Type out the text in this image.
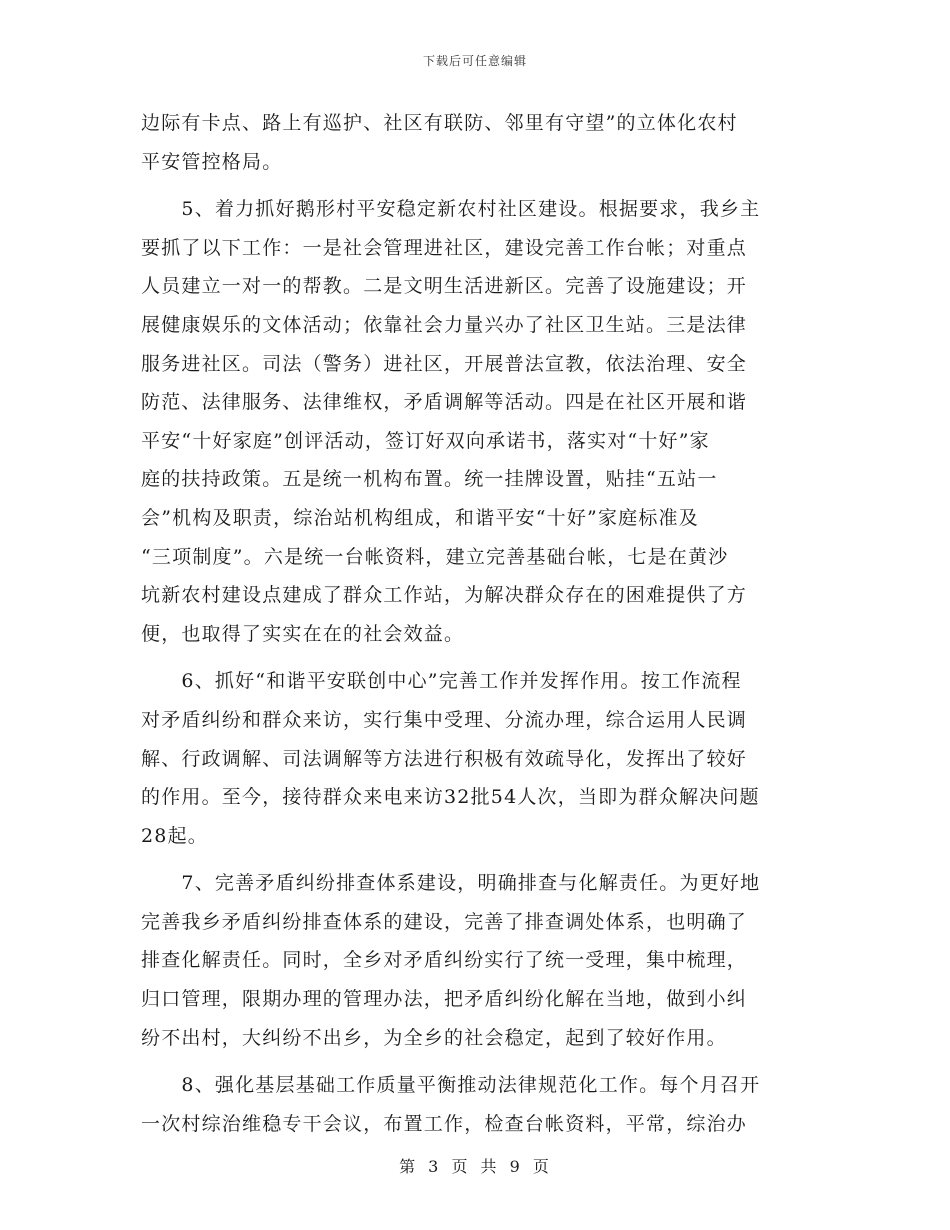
下载后可任意编辑
边际有卡点、路上有巡护、社区有联防、邻里有守望”的立体化农村
平安管控格局。
　　5、着力抓好鹅形村平安稳定新农村社区建设。根据要求，我乡主
要抓了以下工作：一是社会管理进社区，建设完善工作台帐；对重点
人员建立一对一的帮教。二是文明生活进新区。完善了设施建设；开
展健康娱乐的文体活动；依靠社会力量兴办了社区卫生站。三是法律
服务进社区。司法（警务）进社区，开展普法宣教，依法治理、安全
防范、法律服务、法律维权，矛盾调解等活动。四是在社区开展和谐
平安“十好家庭”创评活动，签订好双向承诺书，落实对“十好”家
庭的扶持政策。五是统一机构布置。统一挂牌设置，贴挂“五站一
会”机构及职责，综治站机构组成，和谐平安“十好”家庭标准及
“三项制度”。六是统一台帐资料，建立完善基础台帐，七是在黄沙
坑新农村建设点建成了群众工作站，为解决群众存在的困难提供了方
便，也取得了实实在在的社会效益。
　　6、抓好“和谐平安联创中心”完善工作并发挥作用。按工作流程
对矛盾纠纷和群众来访，实行集中受理、分流办理，综合运用人民调
解、行政调解、司法调解等方法进行积极有效疏导化，发挥出了较好
的作用。至今，接待群众来电来访32批54人次，当即为群众解决问题
28起。
　　7、完善矛盾纠纷排查体系建设，明确排查与化解责任。为更好地
完善我乡矛盾纠纷排查体系的建设，完善了排查调处体系，也明确了
排查化解责任。同时，全乡对矛盾纠纷实行了统一受理，集中梳理，
归口管理，限期办理的管理办法，把矛盾纠纷化解在当地，做到小纠
纷不出村，大纠纷不出乡，为全乡的社会稳定，起到了较好作用。
　　8、强化基层基础工作质量平衡推动法律规范化工作。每个月召开
一次村综治维稳专干会议，布置工作，检查台帐资料，平常，综治办
第 3 页 共 9 页
